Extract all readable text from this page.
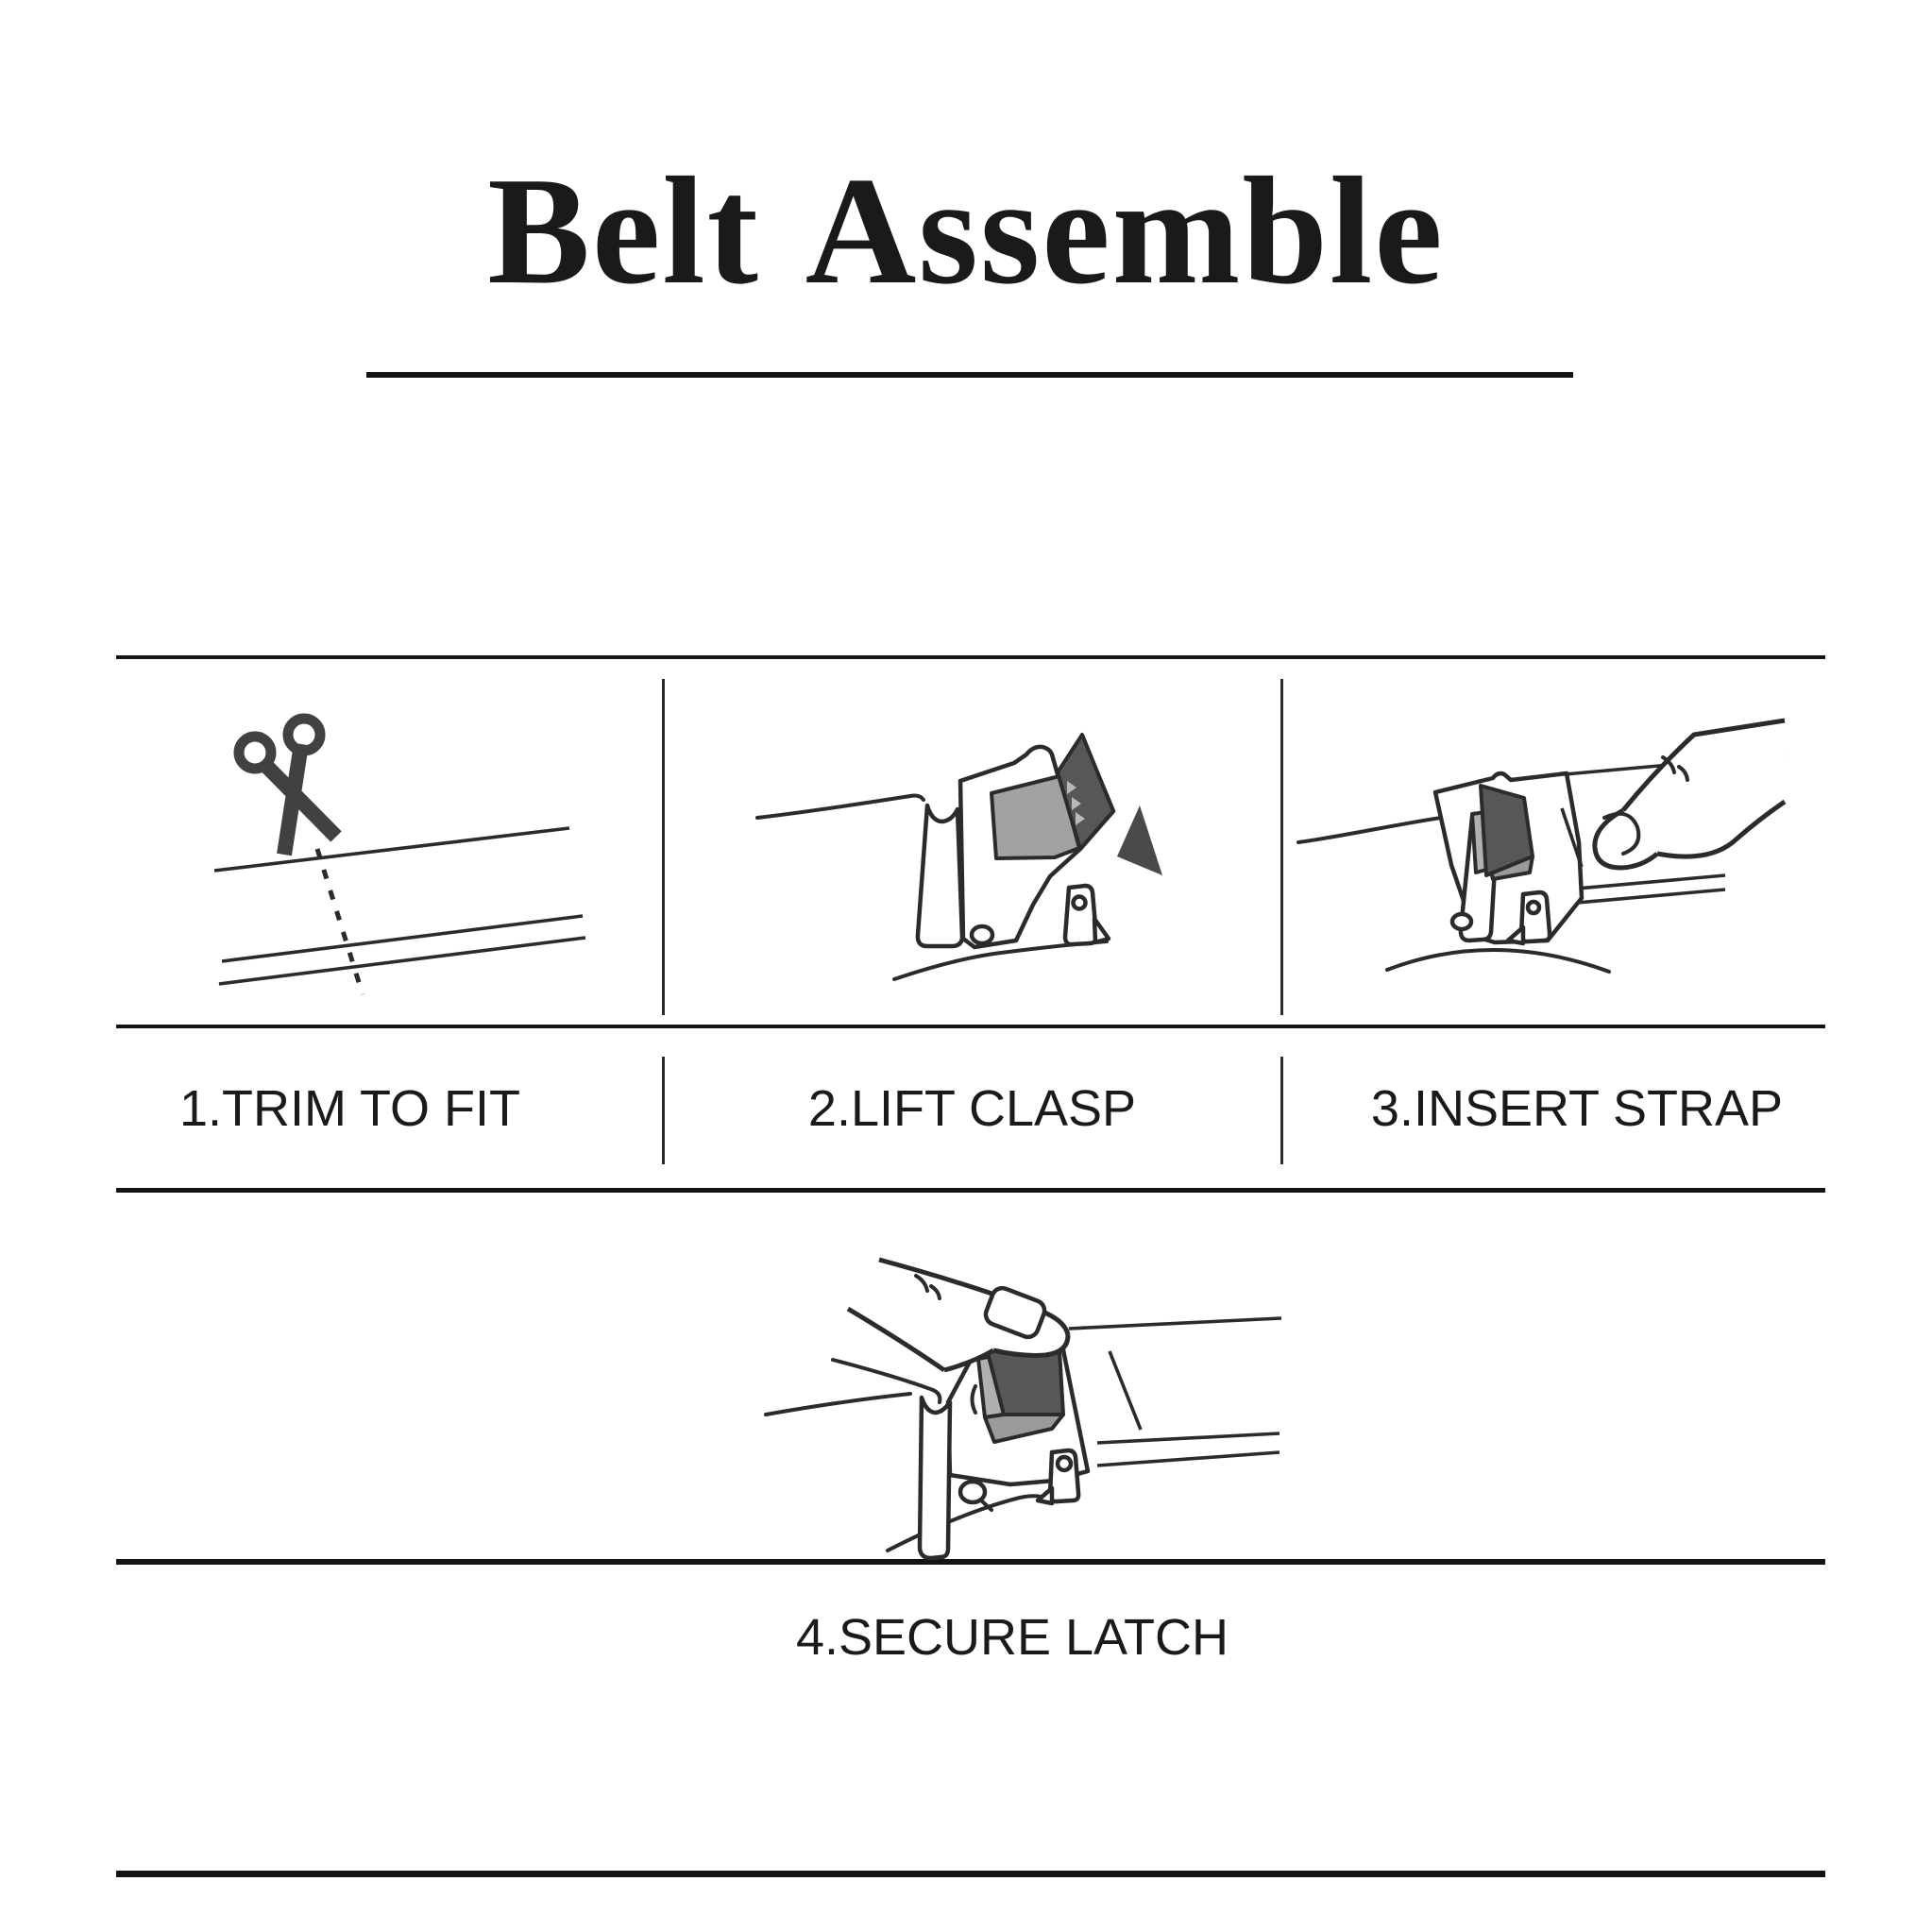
Belt Assemble
1.TRIM TO FIT	2.LIFT CLASP	3.INSERT STRAP
4.SECURE LATCH
